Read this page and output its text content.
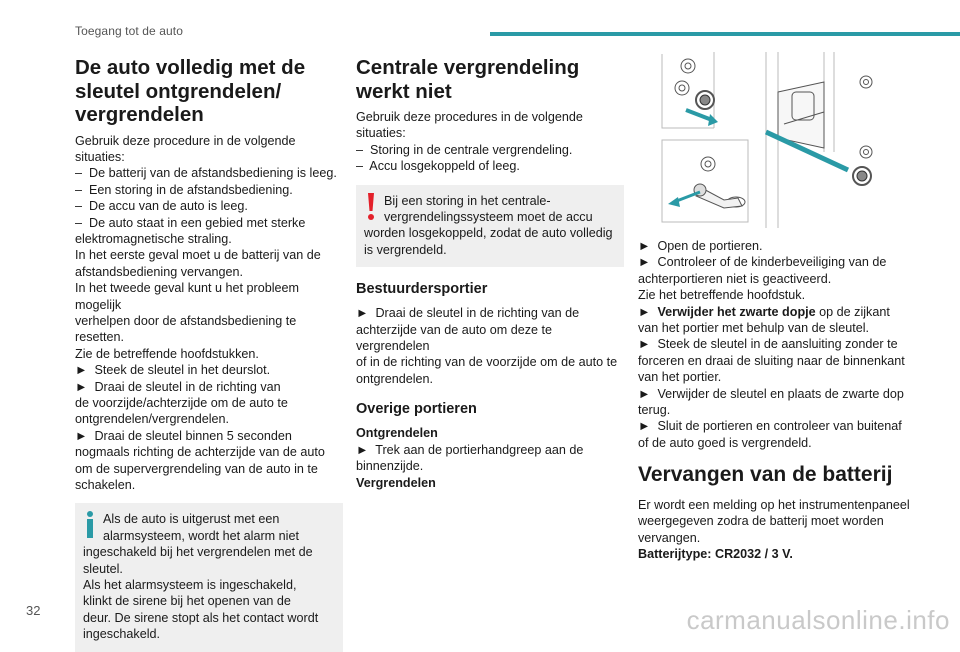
Toegang tot de auto
De auto volledig met de
sleutel ontgrendelen/
vergrendelen
Gebruik deze procedure in de volgende situaties:
–  De batterij van de afstandsbediening is leeg.
–  Een storing in de afstandsbediening.
–  De accu van de auto is leeg.
–  De auto staat in een gebied met sterke
elektromagnetische straling.
In het eerste geval moet u de batterij van de
afstandsbediening vervangen.
In het tweede geval kunt u het probleem mogelijk
verhelpen door de afstandsbediening te resetten.
Zie de betreffende hoofdstukken.
►  Steek de sleutel in het deurslot.
►  Draai de sleutel in de richting van
de voorzijde/achterzijde om de auto te
ontgrendelen/vergrendelen.
►  Draai de sleutel binnen 5 seconden
nogmaals richting de achterzijde van de auto
om de supervergrendeling van de auto in te
schakelen.
Als de auto is uitgerust met een
alarmsysteem, wordt het alarm niet
ingeschakeld bij het vergrendelen met de
sleutel.
Als het alarmsysteem is ingeschakeld,
klinkt de sirene bij het openen van de
deur. De sirene stopt als het contact wordt
ingeschakeld.
Centrale vergrendeling
werkt niet
Gebruik deze procedures in de volgende
situaties:
–  Storing in de centrale vergrendeling.
–  Accu losgekoppeld of leeg.
Bij een storing in het centrale-
vergrendelingssysteem moet de accu
worden losgekoppeld, zodat de auto volledig
is vergrendeld.
Bestuurdersportier
►  Draai de sleutel in de richting van de
achterzijde van de auto om deze te vergrendelen
of in de richting van de voorzijde om de auto te
ontgrendelen.
Overige portieren
Ontgrendelen
►  Trek aan de portierhandgreep aan de
binnenzijde.
Vergrendelen
► Open de portieren.
► Controleer of de kinderbeveiliging van de
achterportieren niet is geactiveerd.
Zie het betreffende hoofdstuk.
► Verwijder het zwarte dopje op de zijkant
van het portier met behulp van de sleutel.
►  Steek de sleutel in de aansluiting zonder te
forceren en draai de sluiting naar de binnenkant
van het portier.
►  Verwijder de sleutel en plaats de zwarte dop
terug.
►  Sluit de portieren en controleer van buitenaf
of de auto goed is vergrendeld.
Vervangen van de batterij
Er wordt een melding op het instrumentenpaneel
weergegeven zodra de batterij moet worden
vervangen.
Batterijtype: CR2032 / 3 V.
32	carmanualsonline.info
